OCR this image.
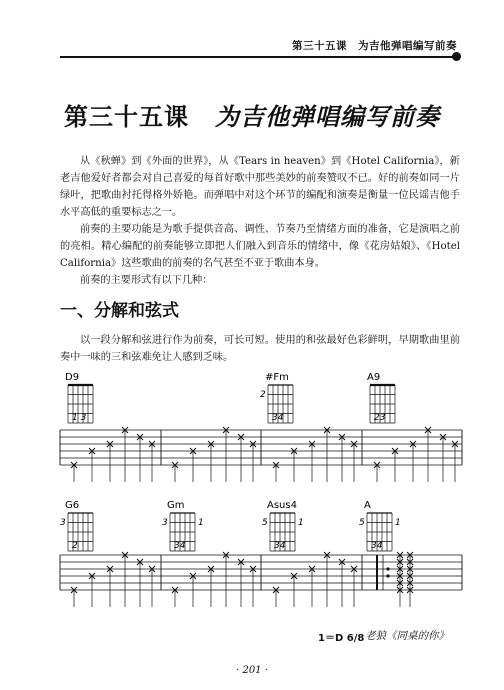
第三十五课　为吉他弹唱编写前奏
第三十五课 为吉他弹唱编写前奏
从《秋蝉》到《外面的世界》，从《Tears in heaven》到《Hotel California》，新老吉他爱好者都会对自己喜爱的每首好歌中那些美妙的前奏赞叹不已。好的前奏如同一片绿叶，把歌曲衬托得格外娇艳。而弹唱中对这个环节的编配和演奏是衡量一位民谣吉他手水平高低的重要标志之一。
前奏的主要功能是为歌手提供音高、调性、节奏乃至情绪方面的准备，它是演唱之前的亮相。精心编配的前奏能够立即把人们融入到音乐的情绪中，像《花房姑娘》、《Hotel California》这些歌曲的前奏的名气甚至不亚于歌曲本身。
前奏的主要形式有以下几种：
一、分解和弦式
以一段分解和弦进行作为前奏，可长可短。使用的和弦最好色彩鲜明，早期歌曲里前奏中一味的三和弦难免让人感到乏味。
D9
1 3
#Fm
2
34
A9
23
G6
3
2
Gm
3	1
34
Asus4
5	1
34
A
5	1
34
1＝D 6/8 老狼《同桌的你》
· 201 ·
